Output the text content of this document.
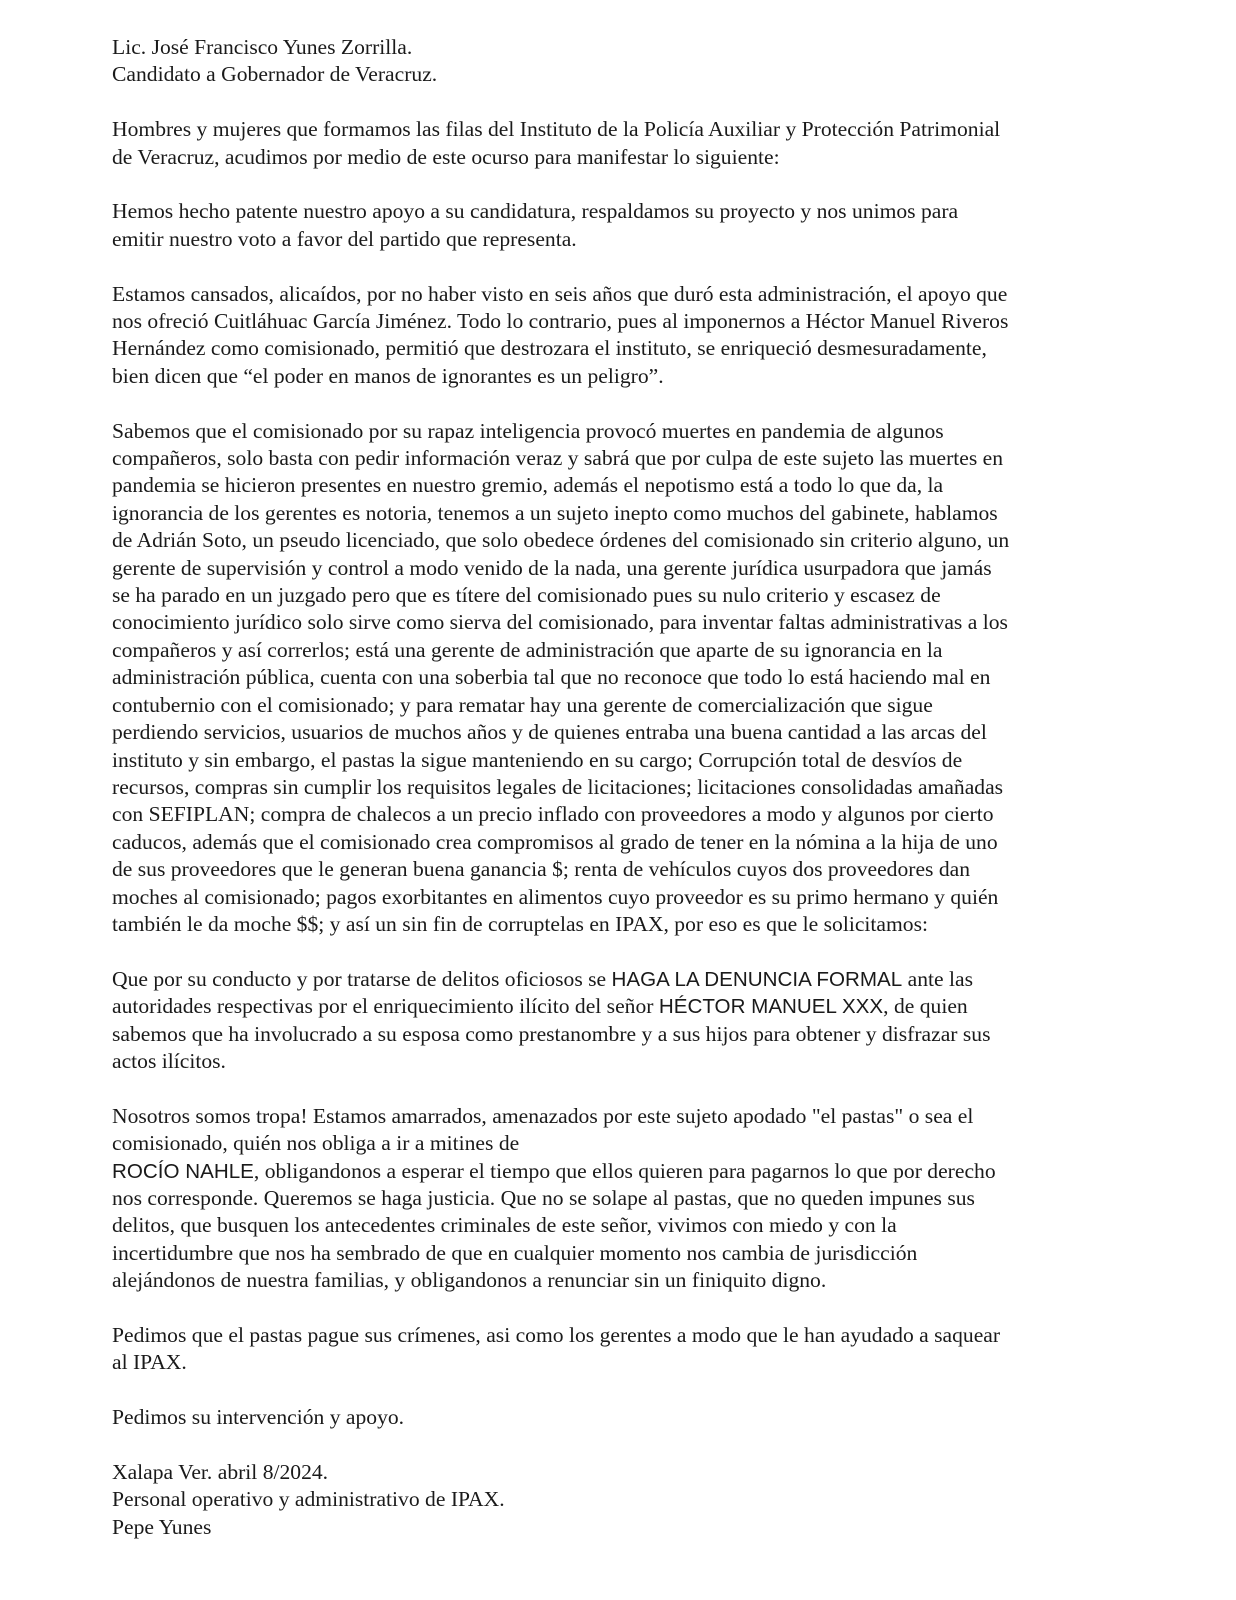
Lic. José Francisco Yunes Zorrilla.
Candidato a Gobernador de Veracruz.
Hombres y mujeres que formamos las filas del Instituto de la Policía Auxiliar y Protección Patrimonial
de Veracruz, acudimos por medio de este ocurso para manifestar lo siguiente:
Hemos hecho patente nuestro apoyo a su candidatura, respaldamos su proyecto y nos unimos para
emitir nuestro voto a favor del partido que representa.
Estamos cansados, alicaídos, por no haber visto en seis años que duró esta administración, el apoyo que
nos ofreció Cuitláhuac García Jiménez. Todo lo contrario, pues al imponernos a Héctor Manuel Riveros
Hernández como comisionado, permitió que destrozara el instituto, se enriqueció desmesuradamente,
bien dicen que “el poder en manos de ignorantes es un peligro”.
Sabemos que el comisionado por su rapaz inteligencia provocó muertes en pandemia de algunos
compañeros, solo basta con pedir información veraz y sabrá que por culpa de este sujeto las muertes en
pandemia se hicieron presentes en nuestro gremio, además el nepotismo está a todo lo que da, la
ignorancia de los gerentes es notoria, tenemos a un sujeto inepto como muchos del gabinete, hablamos
de Adrián Soto, un pseudo licenciado, que solo obedece órdenes del comisionado sin criterio alguno, un
gerente de supervisión y control a modo venido de la nada, una gerente jurídica usurpadora que jamás
se ha parado en un juzgado pero que es títere del comisionado pues su nulo criterio y escasez de
conocimiento jurídico solo sirve como sierva del comisionado, para inventar faltas administrativas a los
compañeros y así correrlos; está una gerente de administración que aparte de su ignorancia en la
administración pública, cuenta con una soberbia tal que no reconoce que todo lo está haciendo mal en
contubernio con el comisionado; y para rematar hay una gerente de comercialización que sigue
perdiendo servicios, usuarios de muchos años y de quienes entraba una buena cantidad a las arcas del
instituto y sin embargo, el pastas la sigue manteniendo en su cargo; Corrupción total de desvíos de
recursos, compras sin cumplir los requisitos legales de licitaciones; licitaciones consolidadas amañadas
con SEFIPLAN; compra de chalecos a un precio inflado con proveedores a modo y algunos por cierto
caducos, además que el comisionado crea compromisos al grado de tener en la nómina a la hija de uno
de sus proveedores que le generan buena ganancia $; renta de vehículos cuyos dos proveedores dan
moches al comisionado; pagos exorbitantes en alimentos cuyo proveedor es su primo hermano y quién
también le da moche $$; y así un sin fin de corruptelas en IPAX, por eso es que le solicitamos:
Que por su conducto y por tratarse de delitos oficiosos se HAGA LA DENUNCIA FORMAL ante las
autoridades respectivas por el enriquecimiento ilícito del señor HÉCTOR MANUEL XXX, de quien
sabemos que ha involucrado a su esposa como prestanombre y a sus hijos para obtener y disfrazar sus
actos ilícitos.
Nosotros somos tropa! Estamos amarrados, amenazados por este sujeto apodado "el pastas" o sea el
comisionado, quién nos obliga a ir a mitines de
ROCÍO NAHLE, obligandonos a esperar el tiempo que ellos quieren para pagarnos lo que por derecho
nos corresponde. Queremos se haga justicia. Que no se solape al pastas, que no queden impunes sus
delitos, que busquen los antecedentes criminales de este señor, vivimos con miedo y con la
incertidumbre que nos ha sembrado de que en cualquier momento nos cambia de jurisdicción
alejándonos de nuestra familias, y obligandonos a renunciar sin un finiquito digno.
Pedimos que el pastas pague sus crímenes, asi como los gerentes a modo que le han ayudado a saquear
al IPAX.
Pedimos su intervención y apoyo.
Xalapa Ver. abril 8/2024.
Personal operativo y administrativo de IPAX.
Pepe Yunes
